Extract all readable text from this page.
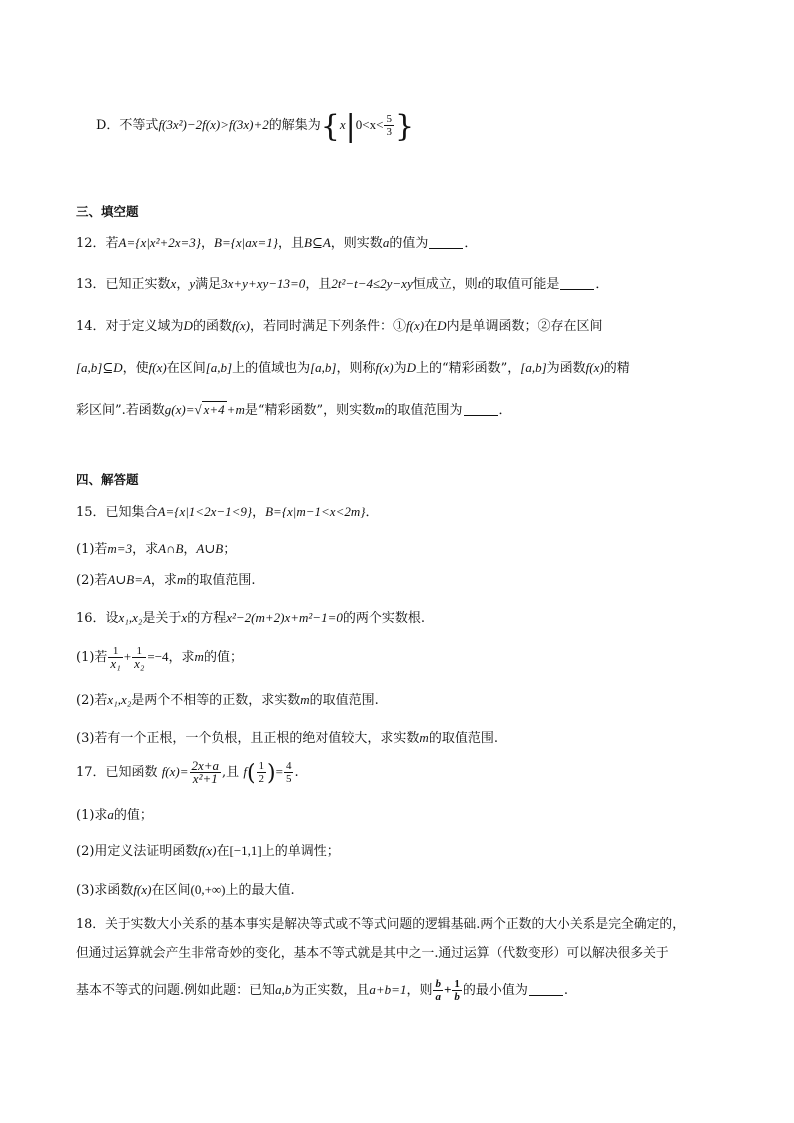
D．不等式f(3x²)−2f(x)>f(3x)+2的解集为{$x|0<x< \frac{5}{3}$ }
三、填空题
12．若A={x|x²+2x=3}，B={x|ax=1}，且B⊆A，则实数a的值为	．
13．已知正实数x，y满足3x+y+xy−13=0，且2t²−t−4≤2y−xy恒成立，则t的取值可能是	．
14．对于定义域为D的函数f(x)，若同时满足下列条件：①f(x)在D内是单调函数；②存在区间
[a,b]⊆D，使f(x)在区间[a,b]上的值域也为[a,b]，则称f(x)为D上的“精彩函数”，[a,b]为函数f(x)的精
彩区间”.若函数g(x)=√ x+4 +m是“精彩函数”，则实数m的取值范围为	．
四、解答题
15．已知集合A={x|1<2x−1<9}，B={x|m−1<x<2m}．
(1)若m=3，求A∩B，A∪B；
(2)若A∪B=A，求m的取值范围.
16．设x₁,x₂是关于x的方程x²−2(m+2)x+m²−1=0的两个实数根.
(1)若 $\frac{1}{\text{x₁}} + \frac{1}{\text{x₂}} =-4$，求m的值；
(2)若x₁,x₂是两个不相等的正数，求实数m的取值范围.
(3)若有一个正根，一个负根，且正根的绝对值较大，求实数m的取值范围.
17．已知函数 $f(x)= \frac{2x+a}{\text{x²+1}}$ ,且 $f( \frac{1}{2}$ )= $\frac{4}{5}$ .
(1)求a的值；
(2)用定义法证明函数f(x)在[−1,1]上的单调性；
(3)求函数f(x)在区间(0,+∞)上的最大值.
18．关于实数大小关系的基本事实是解决等式或不等式问题的逻辑基础.两个正数的大小关系是完全确定的，
但通过运算就会产生非常奇妙的变化，基本不等式就是其中之一.通过运算（代数变形）可以解决很多关于
基本不等式的问题.例如此题：已知a,b为正实数，且a+b=1，则 $\frac{b}{a} + \frac{1}{b}$ 的最小值为	.
